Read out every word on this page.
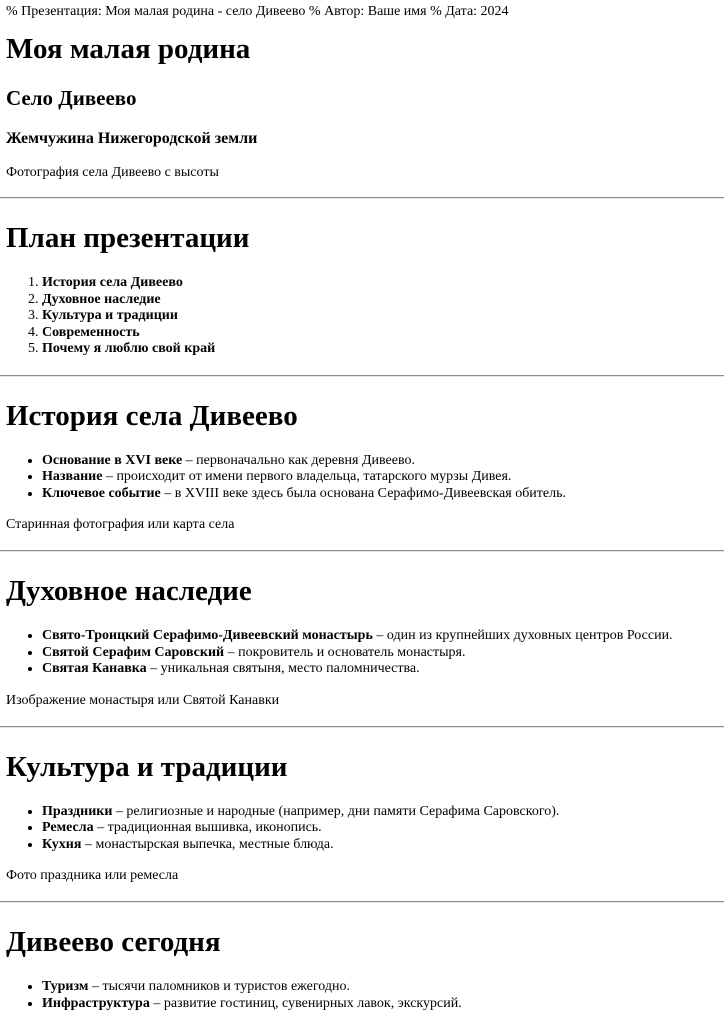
% Презентация: Моя малая родина - село Дивеево % Автор: Ваше имя % Дата: 2024

Моя малая родина
Село Дивеево
Жемчужина Нижегородской земли

Фотография села Дивеево с высоты

План презентации
1. История села Дивеево
2. Духовное наследие
3. Культура и традиции
4. Современность
5. Почему я люблю свой край
История села Дивеево
• Основание в XVI веке – первоначально как деревня Дивеево.
• Название – происходит от имени первого владельца, татарского мурзы Дивея.
• Ключевое событие – в XVIII веке здесь была основана Серафимо-Дивеевская обитель.

Старинная фотография или карта села

Духовное наследие
• Свято-Троицкий Серафимо-Дивеевский монастырь – один из крупнейших духовных центров России.
• Святой Серафим Саровский – покровитель и основатель монастыря.
• Святая Канавка – уникальная святыня, место паломничества.

Изображение монастыря или Святой Канавки

Культура и традиции
• Праздники – религиозные и народные (например, дни памяти Серафима Саровского).
• Ремесла – традиционная вышивка, иконопись.
• Кухня – монастырская выпечка, местные блюда.

Фото праздника или ремесла

Дивеево сегодня
• Туризм – тысячи паломников и туристов ежегодно.
• Инфраструктура – развитие гостиниц, сувенирных лавок, экскурсий.
